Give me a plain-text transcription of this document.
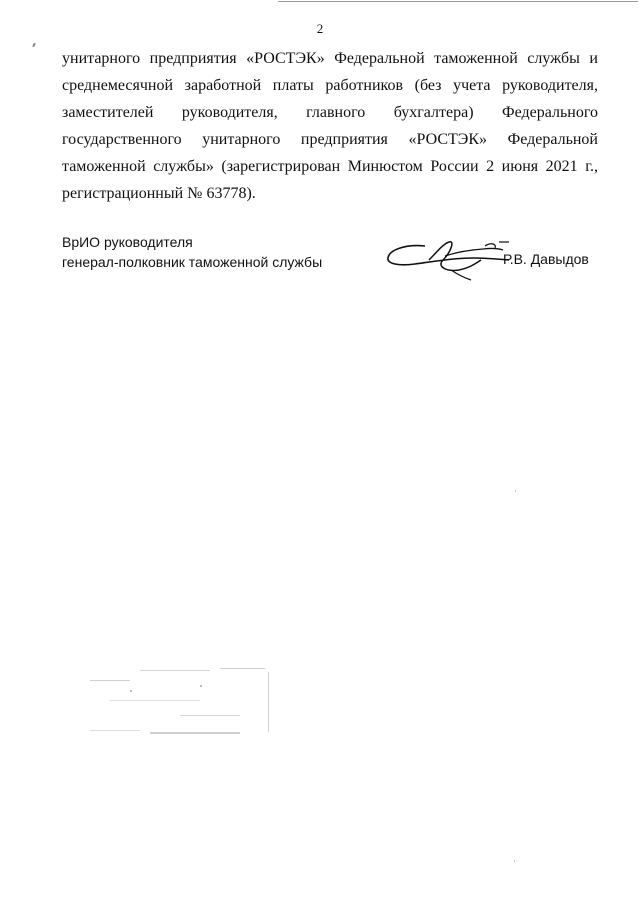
2

унитарного предприятия «РОСТЭК» Федеральной таможенной службы и среднемесячной заработной платы работников (без учета руководителя, заместителей руководителя, главного бухгалтера) Федерального государственного унитарного предприятия «РОСТЭК» Федеральной таможенной службы» (зарегистрирован Минюстом России 2 июня 2021 г., регистрационный № 63778).

ВрИО руководителя
генерал-полковник таможенной службы	Р.В. Давыдов
